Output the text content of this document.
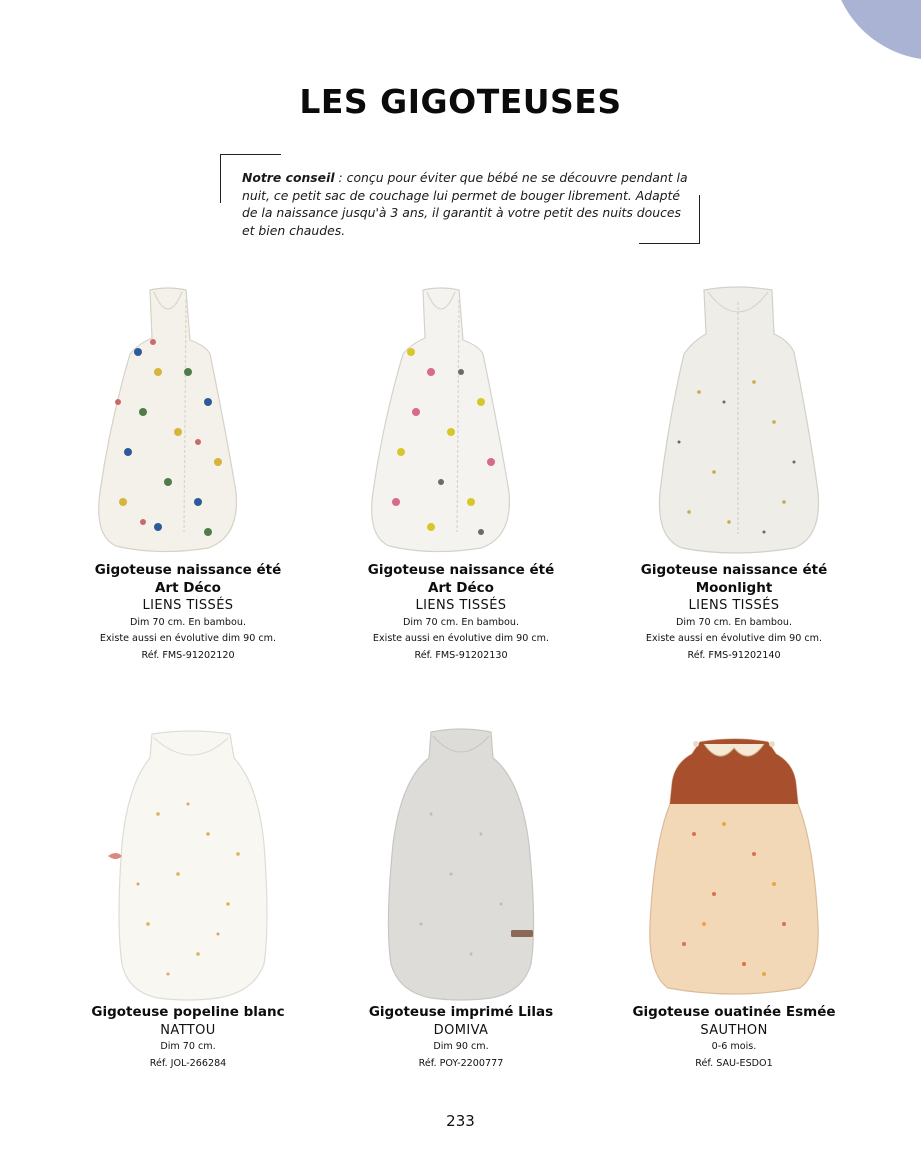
LES GIGOTEUSES

Notre conseil : conçu pour éviter que bébé ne se découvre pendant la nuit, ce petit sac de couchage lui permet de bouger librement. Adapté de la naissance jusqu'à 3 ans, il garantit à votre petit des nuits douces et bien chaudes.

Gigoteuse naissance été
Art Déco
LIENS TISSÉS
Dim 70 cm. En bambou.
Existe aussi en évolutive dim 90 cm.
Réf. FMS-91202120
Gigoteuse naissance été
Art Déco
LIENS TISSÉS
Dim 70 cm. En bambou.
Existe aussi en évolutive dim 90 cm.
Réf. FMS-91202130
Gigoteuse naissance été
Moonlight
LIENS TISSÉS
Dim 70 cm. En bambou.
Existe aussi en évolutive dim 90 cm.
Réf. FMS-91202140
Gigoteuse popeline blanc
NATTOU
Dim 70 cm.
Réf. JOL-266284
Gigoteuse imprimé Lilas
DOMIVA
Dim 90 cm.
Réf. POY-2200777
Gigoteuse ouatinée Esmée
SAUTHON
0-6 mois.
Réf. SAU-ESDO1
233
